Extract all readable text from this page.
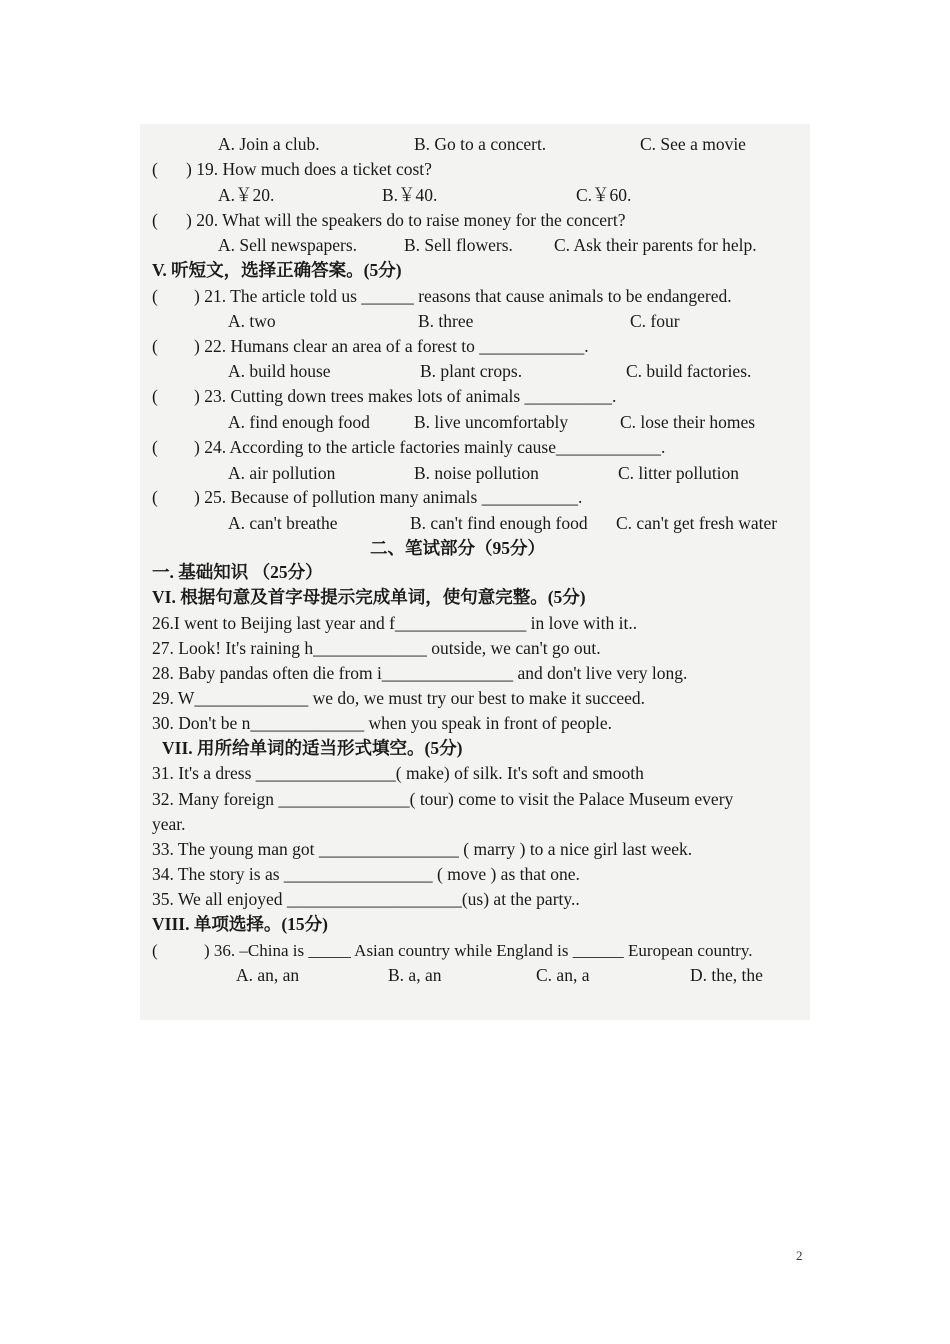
A. Join a club.	B. Go to a concert.	C. See a movie
( ) 19. How much does a ticket cost?
A.￥20.	B.￥40.	C.￥60.
( ) 20. What will the speakers do to raise money for the concert?
A. Sell newspapers.	B. Sell flowers. C. Ask their parents for help.
V. 听短文，选择正确答案。(5分)
( ) 21. The article told us ______ reasons that cause animals to be endangered.
A. two	B. three	C. four
( ) 22. Humans clear an area of a forest to ____________.
A. build house	B. plant crops.	C. build factories.
( ) 23. Cutting down trees makes lots of animals __________.
A. find enough food	B. live uncomfortably	C. lose their homes
( ) 24. According to the article factories mainly cause____________.
A. air pollution	B. noise pollution	C. litter pollution
( ) 25. Because of pollution many animals ___________.
A. can't breathe	B. can't find enough food C. can't get fresh water
二、笔试部分（95分）
一. 基础知识 （25分）
VI. 根据句意及首字母提示完成单词，使句意完整。(5分)
26.I went to Beijing last year and f_______________ in love with it..
27. Look! It's raining h_____________ outside, we can't go out.
28. Baby pandas often die from i_______________ and don't live very long.
29. W_____________ we do, we must try our best to make it succeed.
30. Don't be n_____________ when you speak in front of people.
VII. 用所给单词的适当形式填空。(5分)
31. It's a dress ________________( make) of silk. It's soft and smooth
32. Many foreign _______________( tour) come to visit the Palace Museum every
year.
33. The young man got ________________ ( marry ) to a nice girl last week.
34. The story is as _________________ ( move ) as that one.
35. We all enjoyed ____________________(us) at the party..
VIII. 单项选择。(15分)
(	) 36. –China is _____ Asian country while England is ______ European country.
A. an, an	B. a, an	C. an, a	D. the, the
2
